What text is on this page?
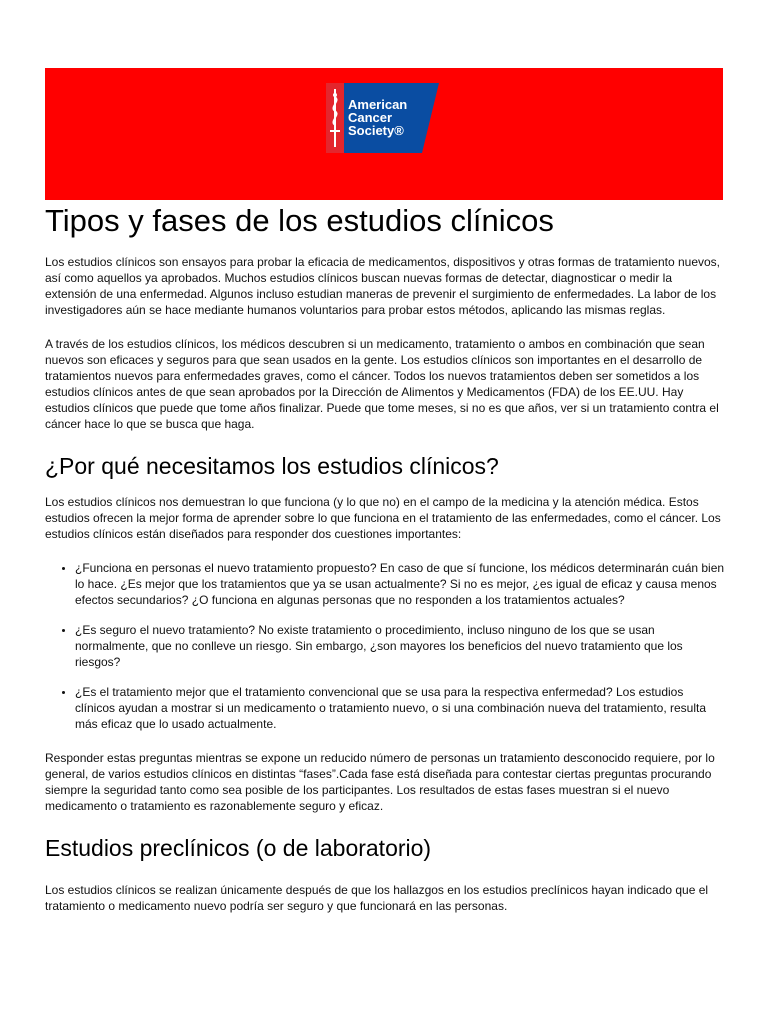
American
Cancer
Society®
Tipos y fases de los estudios clínicos

Los estudios clínicos son ensayos para probar la eficacia de medicamentos, dispositivos y otras formas de tratamiento nuevos, así como aquellos ya aprobados. Muchos estudios clínicos buscan nuevas formas de detectar, diagnosticar o medir la extensión de una enfermedad. Algunos incluso estudian maneras de prevenir el surgimiento de enfermedades. La labor de los investigadores aún se hace mediante humanos voluntarios para probar estos métodos, aplicando las mismas reglas.

A través de los estudios clínicos, los médicos descubren si un medicamento, tratamiento o ambos en combinación que sean nuevos son eficaces y seguros para que sean usados en la gente. Los estudios clínicos son importantes en el desarrollo de tratamientos nuevos para enfermedades graves, como el cáncer. Todos los nuevos tratamientos deben ser sometidos a los estudios clínicos antes de que sean aprobados por la Dirección de Alimentos y Medicamentos (FDA) de los EE.UU. Hay estudios clínicos que puede que tome años finalizar. Puede que tome meses, si no es que años, ver si un tratamiento contra el cáncer hace lo que se busca que haga.

¿Por qué necesitamos los estudios clínicos?

Los estudios clínicos nos demuestran lo que funciona (y lo que no) en el campo de la medicina y la atención médica. Estos estudios ofrecen la mejor forma de aprender sobre lo que funciona en el tratamiento de las enfermedades, como el cáncer. Los estudios clínicos están diseñados para responder dos cuestiones importantes:

• ¿Funciona en personas el nuevo tratamiento propuesto? En caso de que sí funcione, los médicos determinarán cuán bien lo hace. ¿Es mejor que los tratamientos que ya se usan actualmente? Si no es mejor, ¿es igual de eficaz y causa menos efectos secundarios? ¿O funciona en algunas personas que no responden a los tratamientos actuales?
• ¿Es seguro el nuevo tratamiento? No existe tratamiento o procedimiento, incluso ninguno de los que se usan normalmente, que no conlleve un riesgo. Sin embargo, ¿son mayores los beneficios del nuevo tratamiento que los riesgos?
• ¿Es el tratamiento mejor que el tratamiento convencional que se usa para la respectiva enfermedad? Los estudios clínicos ayudan a mostrar si un medicamento o tratamiento nuevo, o si una combinación nueva del tratamiento, resulta más eficaz que lo usado actualmente.

Responder estas preguntas mientras se expone un reducido número de personas un tratamiento desconocido requiere, por lo general, de varios estudios clínicos en distintas “fases”.Cada fase está diseñada para contestar ciertas preguntas procurando siempre la seguridad tanto como sea posible de los participantes. Los resultados de estas fases muestran si el nuevo medicamento o tratamiento es razonablemente seguro y eficaz.

Estudios preclínicos (o de laboratorio)

Los estudios clínicos se realizan únicamente después de que los hallazgos en los estudios preclínicos hayan indicado que el tratamiento o medicamento nuevo podría ser seguro y que funcionará en las personas.
